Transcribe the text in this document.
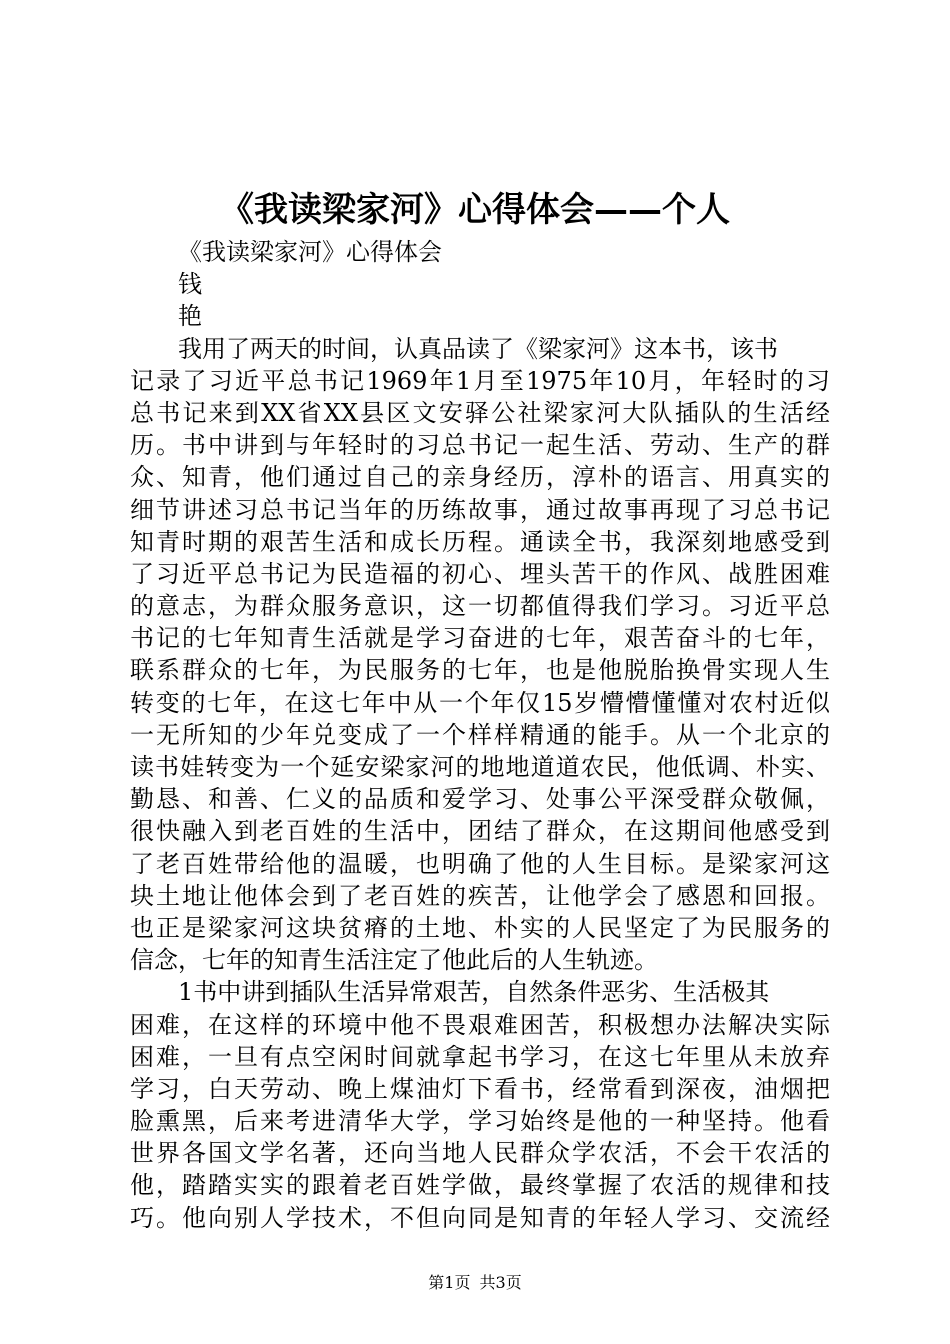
《我读梁家河》心得体会——个人
《我读梁家河》心得体会
钱
艳
我用了两天的时间，认真品读了《梁家河》这本书，该书
记录了习近平总书记1969年1月至1975年10月，年轻时的习
总书记来到XX省XX县区文安驿公社梁家河大队插队的生活经
历。书中讲到与年轻时的习总书记一起生活、劳动、生产的群
众、知青，他们通过自己的亲身经历，淳朴的语言、用真实的
细节讲述习总书记当年的历练故事，通过故事再现了习总书记
知青时期的艰苦生活和成长历程。通读全书，我深刻地感受到
了习近平总书记为民造福的初心、埋头苦干的作风、战胜困难
的意志，为群众服务意识，这一切都值得我们学习。习近平总
书记的七年知青生活就是学习奋进的七年，艰苦奋斗的七年，
联系群众的七年，为民服务的七年，也是他脱胎换骨实现人生
转变的七年，在这七年中从一个年仅15岁懵懵懂懂对农村近似
一无所知的少年兑变成了一个样样精通的能手。从一个北京的
读书娃转变为一个延安梁家河的地地道道农民，他低调、朴实、
勤恳、和善、仁义的品质和爱学习、处事公平深受群众敬佩，
很快融入到老百姓的生活中，团结了群众，在这期间他感受到
了老百姓带给他的温暖，也明确了他的人生目标。是梁家河这
块土地让他体会到了老百姓的疾苦，让他学会了感恩和回报。
也正是梁家河这块贫瘠的土地、朴实的人民坚定了为民服务的
信念，七年的知青生活注定了他此后的人生轨迹。
1书中讲到插队生活异常艰苦，自然条件恶劣、生活极其
困难，在这样的环境中他不畏艰难困苦，积极想办法解决实际
困难，一旦有点空闲时间就拿起书学习，在这七年里从未放弃
学习，白天劳动、晚上煤油灯下看书，经常看到深夜，油烟把
脸熏黑，后来考进清华大学，学习始终是他的一种坚持。他看
世界各国文学名著，还向当地人民群众学农活，不会干农活的
他，踏踏实实的跟着老百姓学做，最终掌握了农活的规律和技
巧。他向别人学技术，不但向同是知青的年轻人学习、交流经
第1页 共3页
